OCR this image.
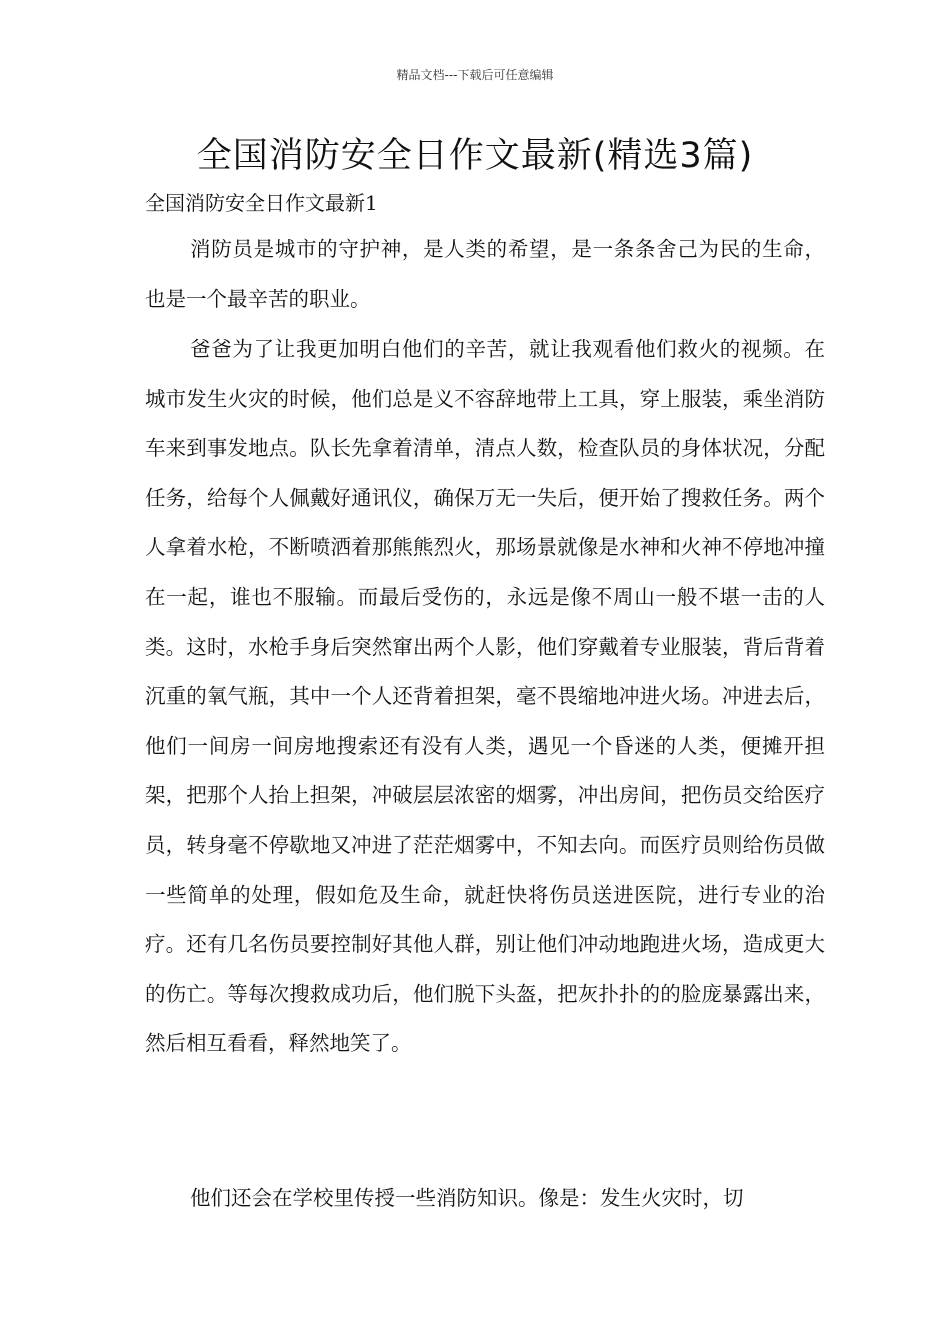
精品文档---下载后可任意编辑
全国消防安全日作文最新(精选3篇)
全国消防安全日作文最新1

消防员是城市的守护神，是人类的希望，是一条条舍己为民的生命，也是一个最辛苦的职业。

爸爸为了让我更加明白他们的辛苦，就让我观看他们救火的视频。在城市发生火灾的时候，他们总是义不容辞地带上工具，穿上服装，乘坐消防车来到事发地点。队长先拿着清单，清点人数，检查队员的身体状况，分配任务，给每个人佩戴好通讯仪，确保万无一失后，便开始了搜救任务。两个人拿着水枪，不断喷洒着那熊熊烈火，那场景就像是水神和火神不停地冲撞在一起，谁也不服输。而最后受伤的，永远是像不周山一般不堪一击的人类。这时，水枪手身后突然窜出两个人影，他们穿戴着专业服装，背后背着沉重的氧气瓶，其中一个人还背着担架，毫不畏缩地冲进火场。冲进去后，他们一间房一间房地搜索还有没有人类，遇见一个昏迷的人类，便摊开担架，把那个人抬上担架，冲破层层浓密的烟雾，冲出房间，把伤员交给医疗员，转身毫不停歇地又冲进了茫茫烟雾中，不知去向。而医疗员则给伤员做一些简单的处理，假如危及生命，就赶快将伤员送进医院，进行专业的治疗。还有几名伤员要控制好其他人群，别让他们冲动地跑进火场，造成更大的伤亡。等每次搜救成功后，他们脱下头盔，把灰扑扑的的脸庞暴露出来，然后相互看看，释然地笑了。

他们还会在学校里传授一些消防知识。像是：发生火灾时，切
